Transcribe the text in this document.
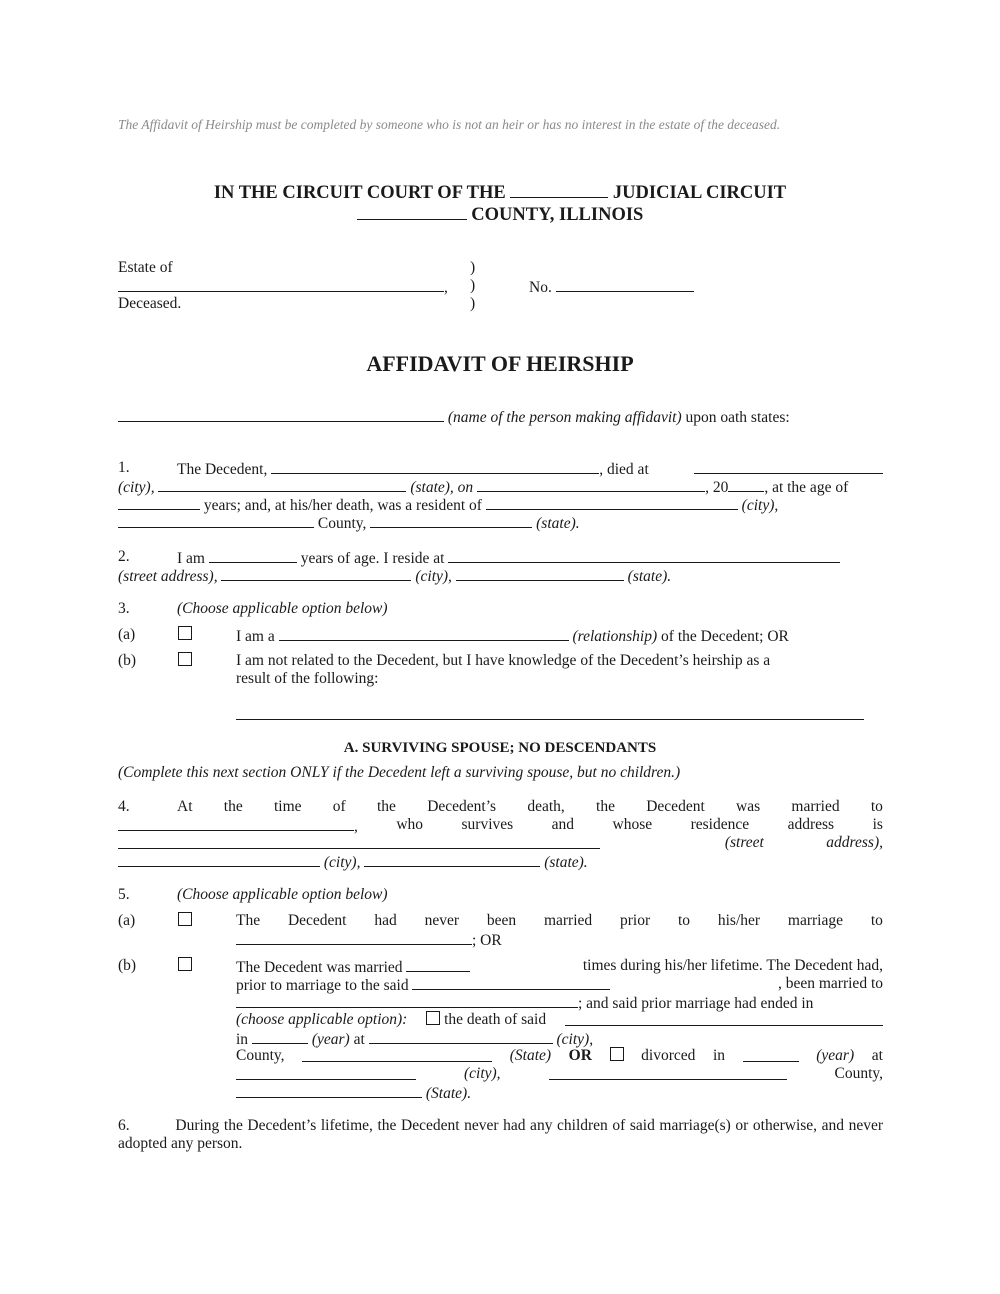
The Affidavit of Heirship must be completed by someone who is not an heir or has no interest in the estate of the deceased.
IN THE CIRCUIT COURT OF THE	JUDICIAL CIRCUIT
COUNTY, ILLINOIS
Estate of
,
Deceased.
)
)
)
No.
AFFIDAVIT OF HEIRSHIP
(name of the person making affidavit) upon oath states:
1.	The Decedent,	, died at
(city),	(state), on	, 20 , at the age of
years; and, at his/her death, was a resident of	(city),
County,	(state).
2.	I am	years of age. I reside at
(street address),	(city),	(state).
3.	(Choose applicable option below)
(a)	I am a	(relationship) of the Decedent; OR
(b)	I am not related to the Decedent, but I have knowledge of the Decedent’s heirship as a
result of the following:
A. SURVIVING SPOUSE; NO DESCENDANTS
(Complete this next section ONLY if the Decedent left a surviving spouse, but no children.)
4.	At the time of the Decedent’s death, the Decedent was married to
, who survives and whose residence address is
(street	address),
(city),	(state).
5.	(Choose applicable option below)
(a)	The Decedent had never been married prior to his/her marriage to
; OR
(b)	The Decedent was married	times during his/her lifetime. The Decedent had,
prior to marriage to the said	, been married to
; and said prior marriage had ended in
(choose applicable option):	the death of said
in	(year) at	(city),
County,	(State) OR	divorced in	(year) at
(city),	County,
(State).
6.          During the Decedent’s lifetime, the Decedent never had any children of said marriage(s) or otherwise, and never adopted any person.
